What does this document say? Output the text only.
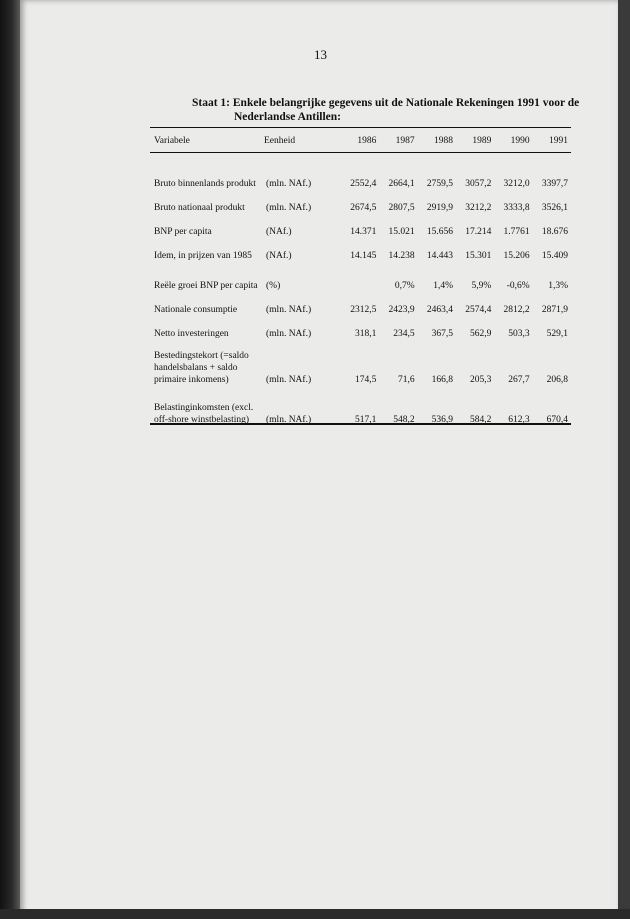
13
Staat 1: Enkele belangrijke gegevens uit de Nationale Rekeningen 1991 voor de
Nederlandse Antillen:
Variabele	Eenheid	1986	1987	1988	1989	1990	1991
Bruto binnenlands produkt	(mln. NAf.)	2552,4	2664,1	2759,5	3057,2	3212,0	3397,7
Bruto nationaal produkt	(mln. NAf.)	2674,5	2807,5	2919,9	3212,2	3333,8	3526,1
BNP per capita	(NAf.)	14.371	15.021	15.656	17.214	1.7761	18.676
Idem, in prijzen van 1985	(NAf.)	14.145	14.238	14.443	15.301	15.206	15.409
Reële groei BNP per capita	(%)		0,7%	1,4%	5,9%	-0,6%	1,3%
Nationale consumptie	(mln. NAf.)	2312,5	2423,9	2463,4	2574,4	2812,2	2871,9
Netto investeringen	(mln. NAf.)	318,1	234,5	367,5	562,9	503,3	529,1
Bestedingstekort (=saldo handelsbalans + saldo primaire inkomens)	(mln. NAf.)	174,5	71,6	166,8	205,3	267,7	206,8
Belastinginkomsten (excl. off-shore winstbelasting)	(mln. NAf.)	517,1	548,2	536,9	584,2	612,3	670,4
